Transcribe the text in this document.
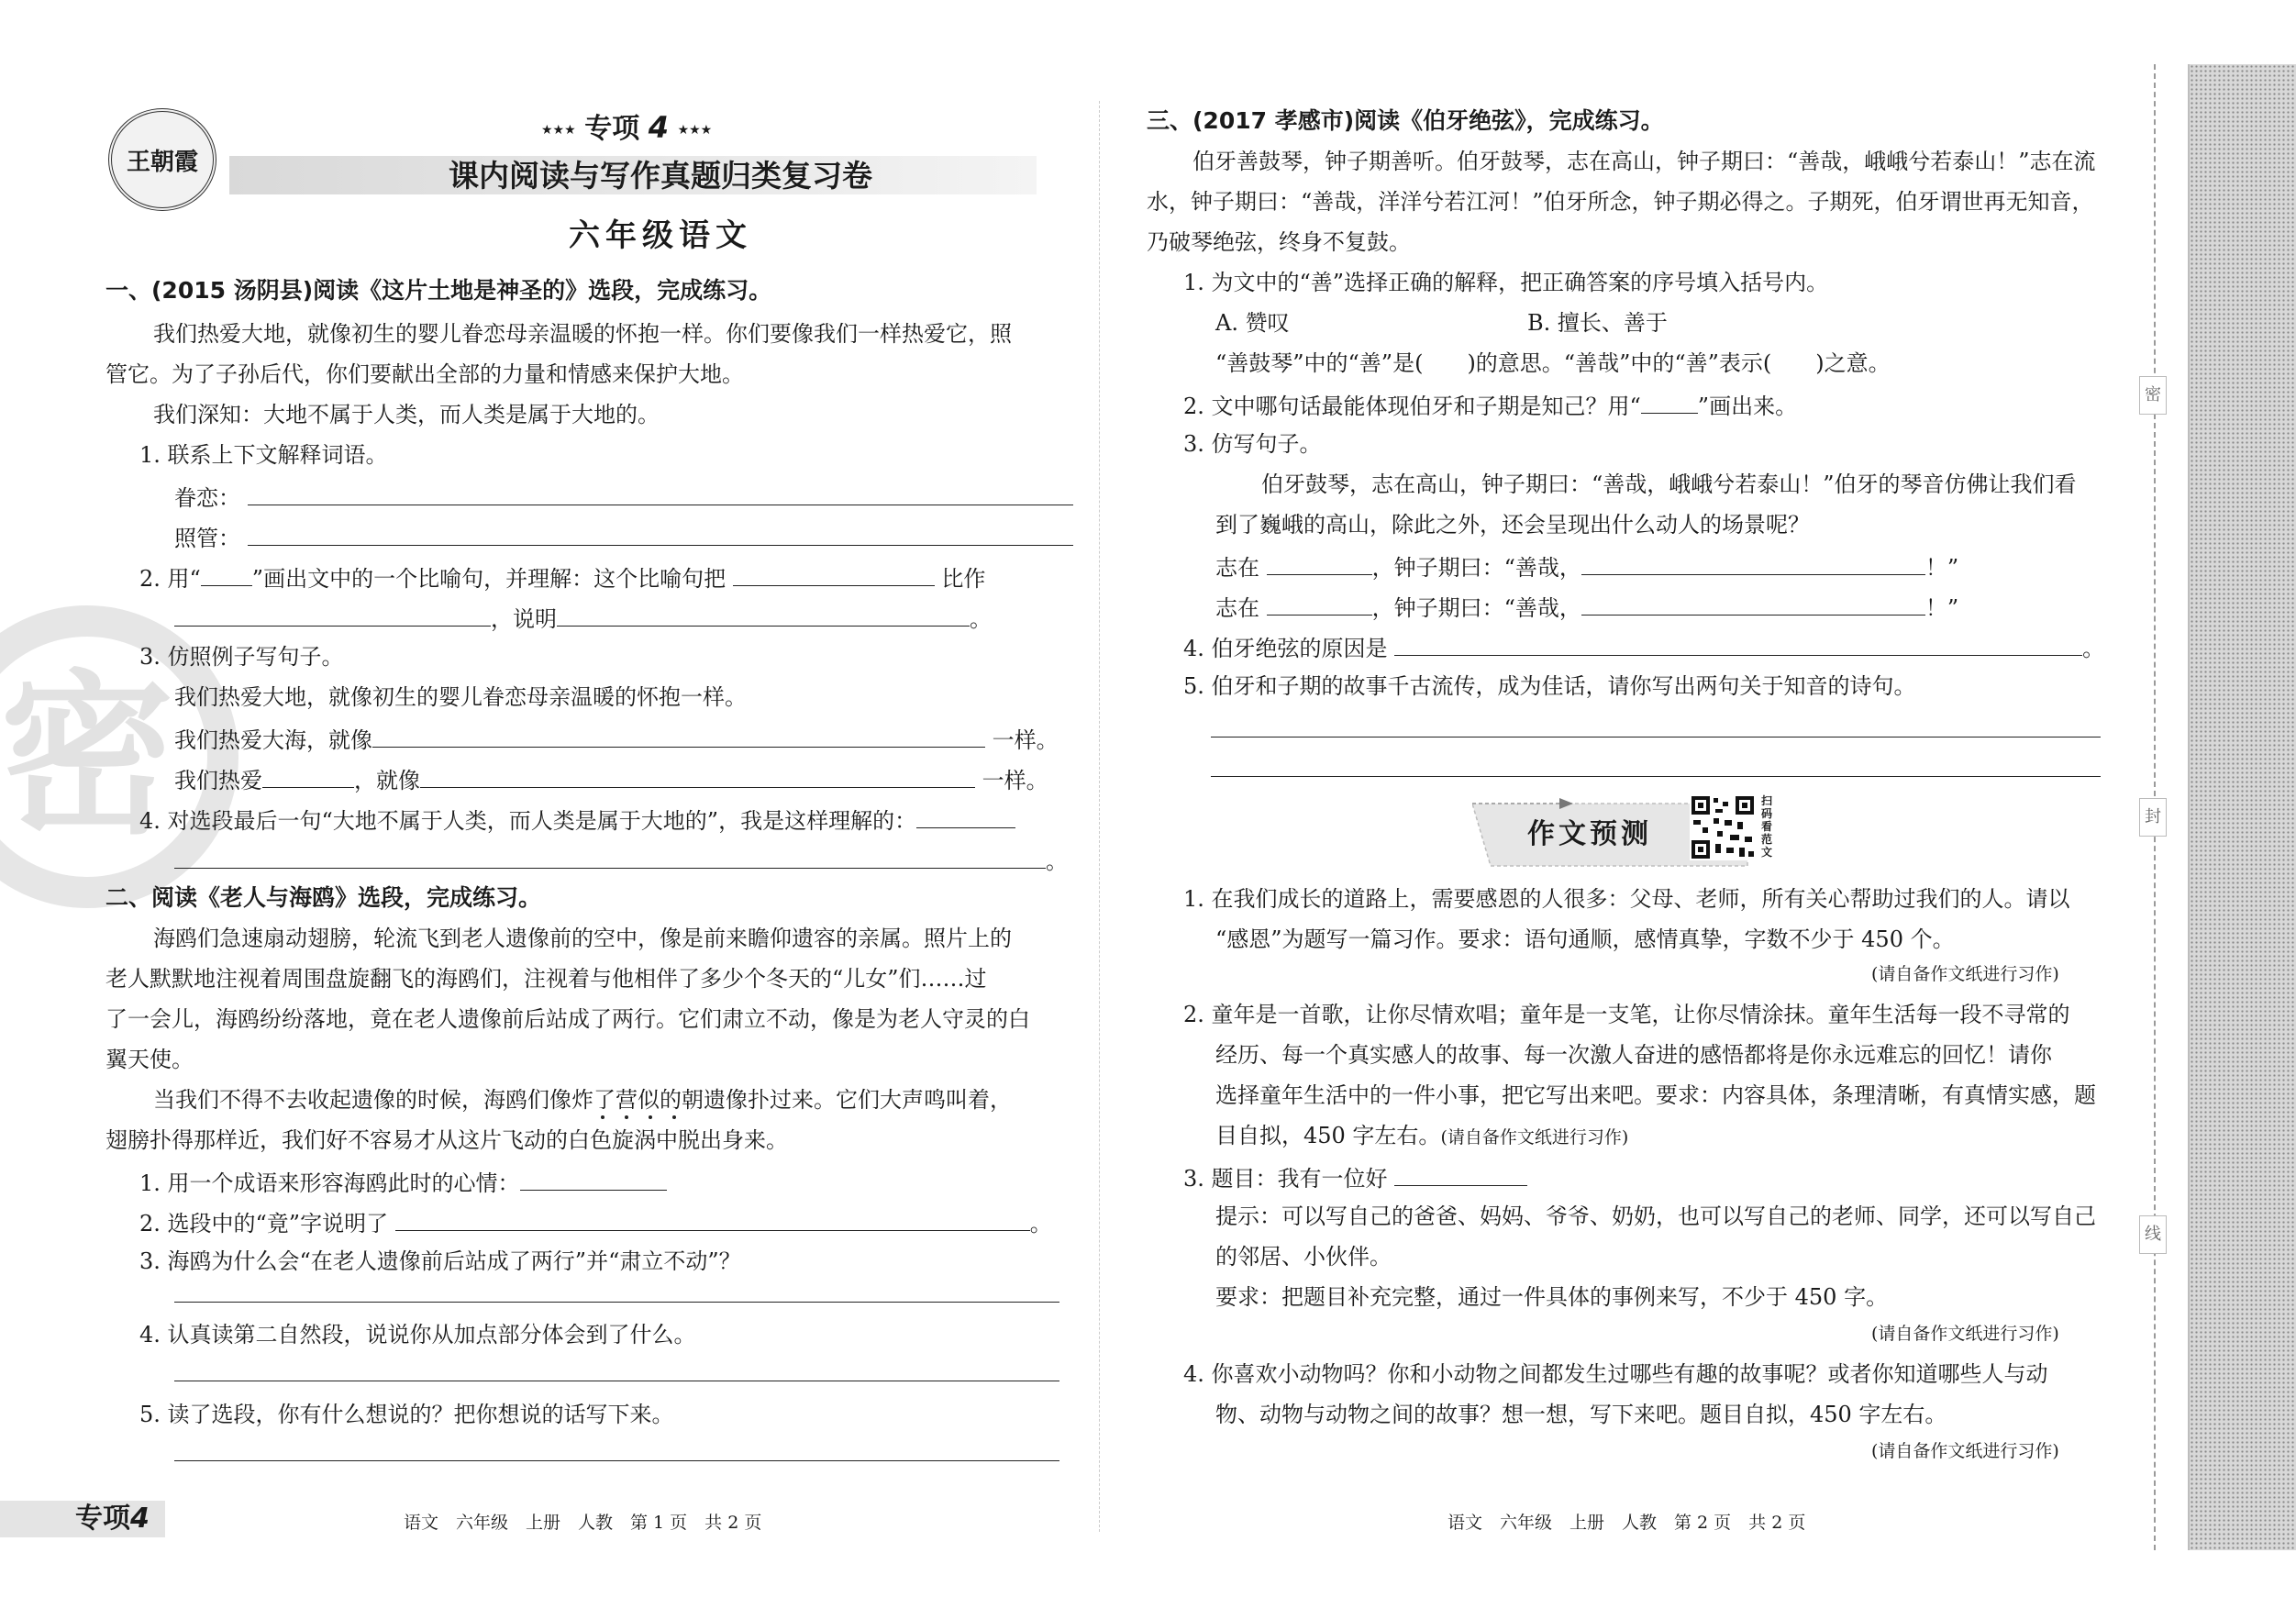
密
王朝霞
★★★ 专项 4 ★★★
课内阅读与写作真题归类复习卷
六年级语文
一、(2015 汤阴县)阅读《这片土地是神圣的》选段，完成练习。
我们热爱大地，就像初生的婴儿眷恋母亲温暖的怀抱一样。你们要像我们一样热爱它，照
管它。为了子孙后代，你们要献出全部的力量和情感来保护大地。
我们深知：大地不属于人类，而人类是属于大地的。
1. 联系上下文解释词语。
眷恋：
照管：
2. 用“ ”画出文中的一个比喻句，并理解：这个比喻句把	比作
，说明	。
3. 仿照例子写句子。
我们热爱大地，就像初生的婴儿眷恋母亲温暖的怀抱一样。
我们热爱大海，就像	一样。
我们热爱	，就像	一样。
4. 对选段最后一句“大地不属于人类，而人类是属于大地的”，我是这样理解的：
。
二、阅读《老人与海鸥》选段，完成练习。
海鸥们急速扇动翅膀，轮流飞到老人遗像前的空中，像是前来瞻仰遗容的亲属。照片上的
老人默默地注视着周围盘旋翻飞的海鸥们，注视着与他相伴了多少个冬天的“儿女”们……过
了一会儿，海鸥纷纷落地，竟在老人遗像前后站成了两行。它们肃立不动，像是为老人守灵的白
翼天使。
当我们不得不去收起遗像的时候，海鸥们像炸了营似的朝遗像扑过来。它们大声鸣叫着，
翅膀扑得那样近，我们好不容易才从这片飞动的白色旋涡中脱出身来。
1. 用一个成语来形容海鸥此时的心情：
2. 选段中的“竟”字说明了	。
3. 海鸥为什么会“在老人遗像前后站成了两行”并“肃立不动”？
4. 认真读第二自然段，说说你从加点部分体会到了什么。
5. 读了选段，你有什么想说的？把你想说的话写下来。
专项4	语文　六年级　上册　人教　第 1 页　共 2 页
三、(2017 孝感市)阅读《伯牙绝弦》，完成练习。
伯牙善鼓琴，钟子期善听。伯牙鼓琴，志在高山，钟子期曰：“善哉，峨峨兮若泰山！”志在流
水，钟子期曰：“善哉，洋洋兮若江河！”伯牙所念，钟子期必得之。子期死，伯牙谓世再无知音，
乃破琴绝弦，终身不复鼓。
1. 为文中的“善”选择正确的解释，把正确答案的序号填入括号内。
A. 赞叹	B. 擅长、善于
“善鼓琴”中的“善”是(　　)的意思。“善哉”中的“善”表示(　　)之意。
2. 文中哪句话最能体现伯牙和子期是知己？用“	”画出来。
3. 仿写句子。
伯牙鼓琴，志在高山，钟子期曰：“善哉，峨峨兮若泰山！”伯牙的琴音仿佛让我们看
到了巍峨的高山，除此之外，还会呈现出什么动人的场景呢？
志在	，钟子期曰：“善哉，	！”
志在	，钟子期曰：“善哉，	！”
4. 伯牙绝弦的原因是	。
5. 伯牙和子期的故事千古流传，成为佳话，请你写出两句关于知音的诗句。
作文预测
扫码看范文
1. 在我们成长的道路上，需要感恩的人很多：父母、老师，所有关心帮助过我们的人。请以
“感恩”为题写一篇习作。要求：语句通顺，感情真挚，字数不少于 450 个。
(请自备作文纸进行习作)
2. 童年是一首歌，让你尽情欢唱；童年是一支笔，让你尽情涂抹。童年生活每一段不寻常的
经历、每一个真实感人的故事、每一次激人奋进的感悟都将是你永远难忘的回忆！请你
选择童年生活中的一件小事，把它写出来吧。要求：内容具体，条理清晰，有真情实感，题
目自拟，450 字左右。(请自备作文纸进行习作)
3. 题目：我有一位好
提示：可以写自己的爸爸、妈妈、爷爷、奶奶，也可以写自己的老师、同学，还可以写自己
的邻居、小伙伴。
要求：把题目补充完整，通过一件具体的事例来写，不少于 450 字。
(请自备作文纸进行习作)
4. 你喜欢小动物吗？你和小动物之间都发生过哪些有趣的故事呢？或者你知道哪些人与动
物、动物与动物之间的故事？想一想，写下来吧。题目自拟，450 字左右。
(请自备作文纸进行习作)
语文　六年级　上册　人教　第 2 页　共 2 页
密
封
线
